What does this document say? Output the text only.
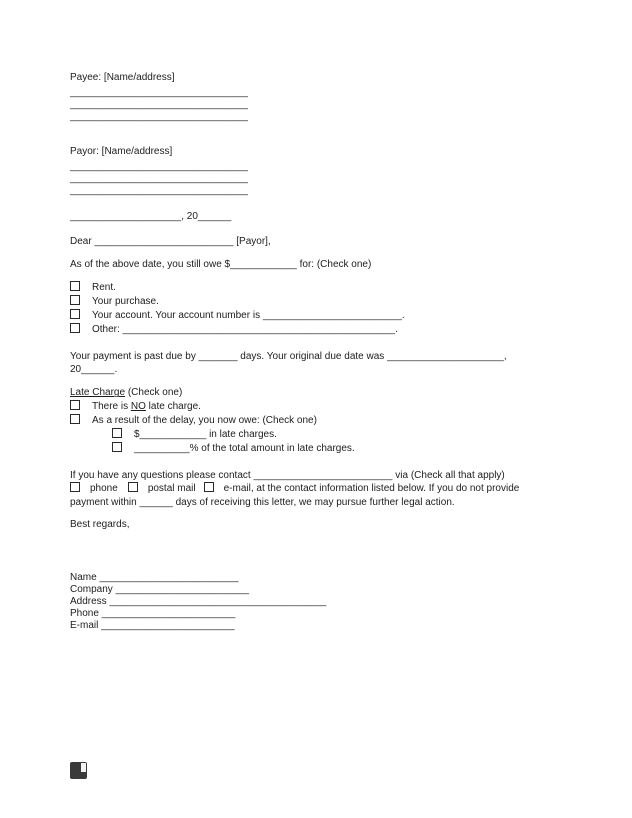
Payee: [Name/address]
________________________________
________________________________
________________________________
Payor: [Name/address]
________________________________
________________________________
________________________________
____________________, 20______
Dear _________________________ [Payor],
As of the above date, you still owe $____________ for: (Check one)
Rent.
Your purchase.
Your account. Your account number is _________________________.
Other: _________________________________________________.
Your payment is past due by _______ days. Your original due date was _____________________,
20______.
Late Charge (Check one)
There is NO late charge.
As a result of the delay, you now owe: (Check one)
$____________ in late charges.
__________% of the total amount in late charges.
If you have any questions please contact _________________________ via (Check all that apply)
phone	postal mail	e-mail, at the contact information listed below. If you do not provide
payment within ______ days of receiving this letter, we may pursue further legal action.
Best regards,
Name _________________________
Company ________________________
Address _______________________________________
Phone ________________________
E-mail ________________________
